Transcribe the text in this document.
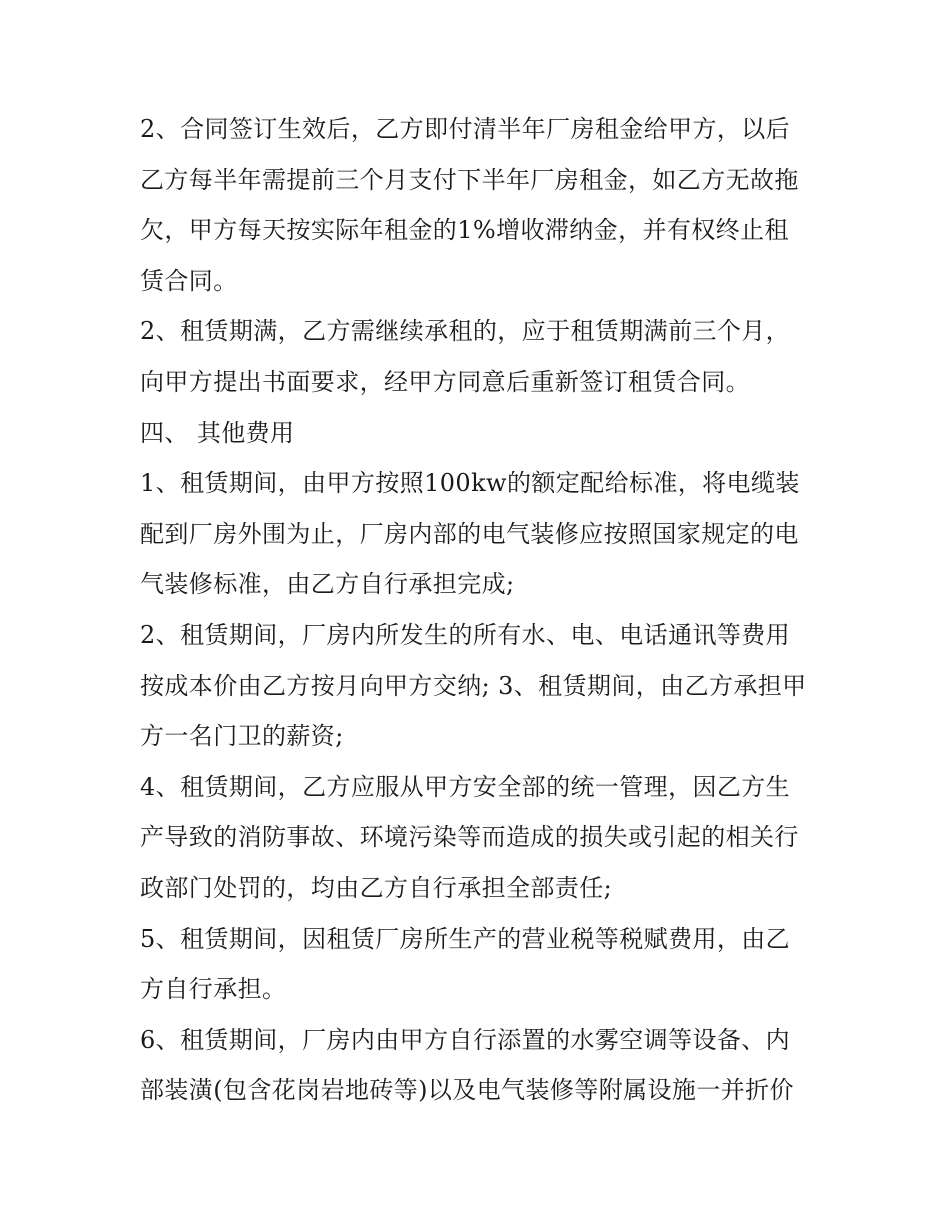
2、合同签订生效后，乙方即付清半年厂房租金给甲方，以后
乙方每半年需提前三个月支付下半年厂房租金，如乙方无故拖
欠，甲方每天按实际年租金的1%增收滞纳金，并有权终止租
赁合同。
2、租赁期满，乙方需继续承租的，应于租赁期满前三个月，
向甲方提出书面要求，经甲方同意后重新签订租赁合同。
四、 其他费用
1、租赁期间，由甲方按照100kw的额定配给标准，将电缆装
配到厂房外围为止，厂房内部的电气装修应按照国家规定的电
气装修标准，由乙方自行承担完成;
2、租赁期间，厂房内所发生的所有水、电、电话通讯等费用
按成本价由乙方按月向甲方交纳; 3、租赁期间，由乙方承担甲
方一名门卫的薪资;
4、租赁期间，乙方应服从甲方安全部的统一管理，因乙方生
产导致的消防事故、环境污染等而造成的损失或引起的相关行
政部门处罚的，均由乙方自行承担全部责任;
5、租赁期间，因租赁厂房所生产的营业税等税赋费用，由乙
方自行承担。
6、租赁期间，厂房内由甲方自行添置的水雾空调等设备、内
部装潢(包含花岗岩地砖等)以及电气装修等附属设施一并折价
